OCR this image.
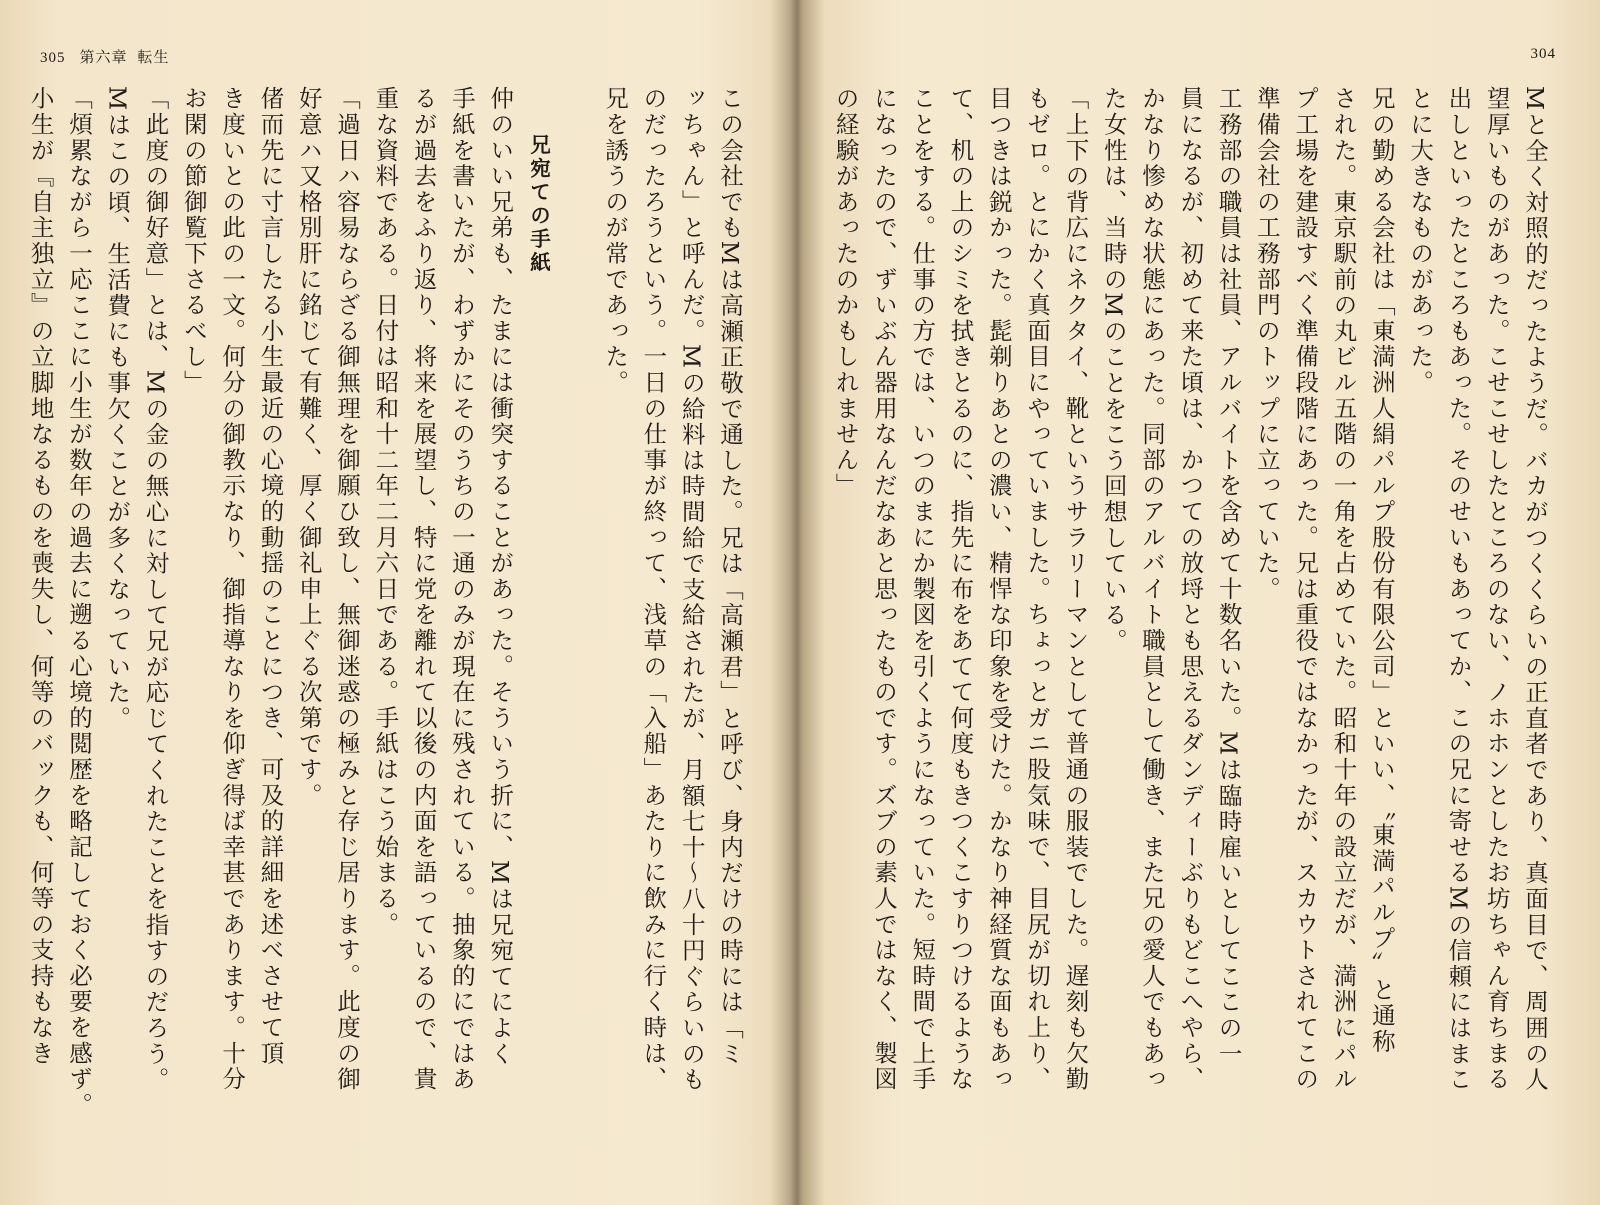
305 第六章 転生
この会社でもMは高瀬正敬で通した。兄は「高瀬君」と呼び、身内だけの時には「ミ
ッちゃん」と呼んだ。Mの給料は時間給で支給されたが、月額七十～八十円ぐらいのも
のだったろうという。一日の仕事が終って、浅草の「入船」あたりに飲みに行く時は、
兄を誘うのが常であった。
兄宛ての手紙
仲のいい兄弟も、たまには衝突することがあった。そういう折に、Mは兄宛てによく
手紙を書いたが、わずかにそのうちの一通のみが現在に残されている。抽象的にではあ
るが過去をふり返り、将来を展望し、特に党を離れて以後の内面を語っているので、貴
重な資料である。日付は昭和十二年二月六日である。手紙はこう始まる。
「過日ハ容易ならざる御無理を御願ひ致し、無御迷惑の極みと存じ居ります。此度の御
好意ハ又格別肝に銘じて有難く、厚く御礼申上ぐる次第です。
偖而先に寸言したる小生最近の心境的動揺のことにつき、可及的詳細を述べさせて頂
き度いとの此の一文。何分の御教示なり、御指導なりを仰ぎ得ば幸甚であります。十分
お閑の節御覧下さるべし」
「此度の御好意」とは、Mの金の無心に対して兄が応じてくれたことを指すのだろう。
Mはこの頃、生活費にも事欠くことが多くなっていた。
「煩累ながら一応ここに小生が数年の過去に遡る心境的閲歴を略記しておく必要を感ず。
小生が『自主独立』の立脚地なるものを喪失し、何等のバックも、何等の支持もなき
304
Mと全く対照的だったようだ。バカがつくくらいの正直者であり、真面目で、周囲の人
望厚いものがあった。こせこせしたところのない、ノホホンとしたお坊ちゃん育ちまる
出しといったところもあった。そのせいもあってか、この兄に寄せるMの信頼にはまこ
とに大きなものがあった。
兄の勤める会社は「東満洲人絹パルプ股份有限公司」といい、〝東満パルプ〟と通称
された。東京駅前の丸ビル五階の一角を占めていた。昭和十年の設立だが、満洲にパル
プ工場を建設すべく準備段階にあった。兄は重役ではなかったが、スカウトされてこの
準備会社の工務部門のトップに立っていた。
工務部の職員は社員、アルバイトを含めて十数名いた。Mは臨時雇いとしてここの一
員になるが、初めて来た頃は、かつての放埒とも思えるダンディーぶりもどこへやら、
かなり惨めな状態にあった。同部のアルバイト職員として働き、また兄の愛人でもあっ
た女性は、当時のMのことをこう回想している。
「上下の背広にネクタイ、靴というサラリーマンとして普通の服装でした。遅刻も欠勤
もゼロ。とにかく真面目にやっていました。ちょっとガニ股気味で、目尻が切れ上り、
目つきは鋭かった。髭剃りあとの濃い、精悍な印象を受けた。かなり神経質な面もあっ
て、机の上のシミを拭きとるのに、指先に布をあてて何度もきつくこすりつけるような
ことをする。仕事の方では、いつのまにか製図を引くようになっていた。短時間で上手
になったので、ずいぶん器用なんだなあと思ったものです。ズブの素人ではなく、製図
の経験があったのかもしれません」
